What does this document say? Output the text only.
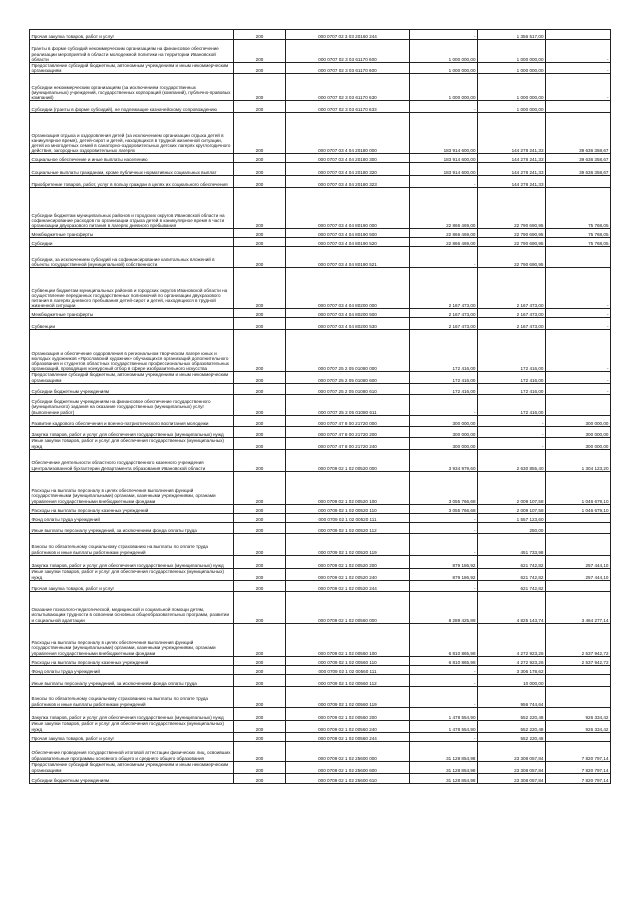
Прочая закупка товаров, работ и услуг	200	000 0707 02 3 03 20160 244	-	1 356 517,00	
Гранты в форме субсидий некоммерческим организациям на финансовое обеспечение реализации мероприятий в области молодежной политики на территории Ивановской области	200	000 0707 02 3 03 61170 600	1 000 000,00	1 000 000,00	-
Предоставление субсидий бюджетным, автономным учреждениям и иным некоммерческим организациям	200	000 0707 02 3 03 61170 600	1 000 000,00	1 000 000,00	-
Субсидии некоммерческим организациям (за исключением государственных (муниципальных) учреждений, государственных корпораций (компаний), публично-правовых компаний)	200	000 0707 02 3 03 61170 630	1 000 000,00	1 000 000,00	-
Субсидии (гранты в форме субсидий), не подлежащие казначейскому сопровождению	200	000 0707 02 3 03 61170 633	-	1 000 000,00	
Организация отдыха и оздоровления детей (за исключением организации отдыха детей в каникулярное время), детей-сирот и детей, находящихся в трудной жизненной ситуации, детей из многодетных семей в санаторно-оздоровительных детских лагерях круглогодичного действия, загородных оздоровительных лагерях	200	000 0707 03 4 04 20180 000	183 914 600,00	144 278 241,33	39 636 358,67
Социальное обеспечение и иные выплаты населению	200	000 0707 03 4 04 20180 300	183 914 600,00	144 278 241,33	39 636 358,67
Социальные выплаты гражданам, кроме публичных нормативных социальных выплат	200	000 0707 03 4 04 20180 320	183 914 600,00	144 278 241,33	39 636 358,67
Приобретение товаров, работ, услуг в пользу граждан в целях их социального обеспечения	200	000 0707 03 4 04 20180 323	-	144 278 241,33	
Субсидии бюджетам муниципальных районов и городских округов Ивановской области на софинансирование расходов по организации отдыха детей в каникулярное время в части организации двухразового питания в лагерях дневного пребывания	200	000 0707 03 4 04 80190 000	22 866 469,00	22 790 690,95	75 768,05
Межбюджетные трансферты	200	000 0707 03 4 04 80190 500	22 866 469,00	22 790 690,95	75 768,05
Субсидии	200	000 0707 03 4 04 80190 520	22 866 469,00	22 790 690,95	75 768,05
Субсидии, за исключением субсидий на софинансирование капитальных вложений в объекты государственной (муниципальной) собственности	200	000 0707 03 4 04 80190 521	-	22 790 690,95	
Субвенции бюджетам муниципальных районов и городских округов Ивановской области на осуществление переданных государственных полномочий по организации двухразового питания в лагерях дневного пребывания детей-сирот и детей, находящихся в трудной жизненной ситуации	200	000 0707 03 4 04 80200 000	2 167 473,00	2 167 473,00	-
Межбюджетные трансферты	200	000 0707 03 4 04 80200 500	2 167 473,00	2 167 473,00	-
Субвенции	200	000 0707 03 4 04 80200 530	2 167 473,00	2 167 473,00	-
Организация и обеспечение оздоровления в региональном творческом лагере юных и молодых художников «Ярославский художник» обучающихся организаций дополнительного образования и студентов областных государственных профессиональных образовательных организаций, проводящих конкурсный отбор в сфере изобразительного искусства	200	000 0707 25 2 05 01080 000	172 416,00	172 416,00	-
Предоставление субсидий бюджетным, автономным учреждениям и иным некоммерческим организациям	200	000 0707 25 2 05 01080 600	172 416,00	172 416,00	-
Субсидии бюджетным учреждениям	200	000 0707 25 2 05 01080 610	172 416,00	172 416,00	-
Субсидии бюджетным учреждениям на финансовое обеспечение государственного (муниципального) задания на оказание государственных (муниципальных) услуг (выполнение работ)	200	000 0707 25 2 05 01080 611	-	172 416,00	
Развитие кадрового обеспечения и военно-патриотического воспитания молодежи	200	000 0707 47 8 00 21720 000	300 000,00	-	300 000,00
Закупка товаров, работ и услуг для обеспечения государственных (муниципальных) нужд	200	000 0707 47 8 00 21720 200	300 000,00	-	300 000,00
Иные закупки товаров, работ и услуг для обеспечения государственных (муниципальных) нужд	200	000 0707 47 8 00 21720 240	300 000,00	-	300 000,00
Обеспечение деятельности областного государственного казенного учреждения Централизованной бухгалтерии Департамента образования Ивановской области	200	000 0709 02 1 02 00520 000	3 934 979,60	2 630 855,40	1 304 123,20
Расходы на выплаты персоналу в целях обеспечения выполнения функций государственными (муниципальными) органами, казенными учреждениями, органами управления государственными внебюджетными фондами	200	000 0709 02 1 02 00520 100	3 055 766,68	2 009 107,58	1 046 679,10
Расходы на выплаты персоналу казенных учреждений	200	000 0709 02 1 02 00520 110	3 055 766,68	2 009 107,58	1 046 679,10
Фонд оплаты труда учреждений	200	000 0709 02 1 02 00520 111	-	1 557 123,60	
Иные выплаты персоналу учреждений, за исключением фонда оплаты труда	200	000 0709 02 1 02 00520 112	-	250,00	
Взносы по обязательному социальному страхованию на выплаты по оплате труда работников и иные выплаты работникам учреждений	200	000 0709 02 1 02 00520 119	-	451 733,98	
Закупка товаров, работ и услуг для обеспечения государственных (муниципальных) нужд	200	000 0709 02 1 02 00520 200	879 186,92	621 742,82	257 444,10
Иные закупки товаров, работ и услуг для обеспечения государственных (муниципальных) нужд	200	000 0709 02 1 02 00520 240	879 186,92	621 742,82	257 444,10
Прочая закупка товаров, работ и услуг	200	000 0709 02 1 02 00520 244	-	621 742,82	
Оказание психолого-педагогической, медицинской и социальной помощи детям, испытывающим трудности в освоении основных общеобразовательных программ, развитии и социальной адаптации	200	000 0709 02 1 02 00560 000	8 289 425,88	4 825 143,74	3 464 277,14
Расходы на выплаты персоналу в целях обеспечения выполнения функций государственными (муниципальными) органами, казенными учреждениями, органами управления государственными внебюджетными фондами	200	000 0709 02 1 02 00560 100	6 810 865,98	4 272 923,26	2 537 942,72
Расходы на выплаты персоналу казенных учреждений	200	000 0709 02 1 02 00560 110	6 810 865,98	4 272 923,26	2 537 942,72
Фонд оплаты труда учреждений	200	000 0709 02 1 02 00560 111	-	3 306 178,62	
Иные выплаты персоналу учреждений, за исключением фонда оплаты труда	200	000 0709 02 1 02 00560 112	-	10 000,00	
Взносы по обязательному социальному страхованию на выплаты по оплате труда работников и иные выплаты работникам учреждений	200	000 0709 02 1 02 00560 119	-	956 744,64	
Закупка товаров, работ и услуг для обеспечения государственных (муниципальных) нужд	200	000 0709 02 1 02 00560 200	1 478 554,90	552 220,48	926 334,42
Иные закупки товаров, работ и услуг для обеспечения государственных (муниципальных) нужд	200	000 0709 02 1 02 00560 240	1 478 554,90	552 220,48	926 334,42
Прочая закупка товаров, работ и услуг	200	000 0709 02 1 02 00560 244	-	552 220,48	
Обеспечение проведения государственной итоговой аттестации физических лиц, освоивших образовательные программы основного общего и среднего общего образования	200	000 0709 02 1 02 25600 000	31 128 854,98	23 308 057,84	7 820 797,14
Предоставление субсидий бюджетным, автономным учреждениям и иным некоммерческим организациям	200	000 0709 02 1 02 25600 600	31 128 854,98	23 308 057,84	7 820 797,14
Субсидии бюджетным учреждениям	200	000 0709 02 1 02 25600 610	31 128 854,98	23 308 057,84	7 820 797,14
